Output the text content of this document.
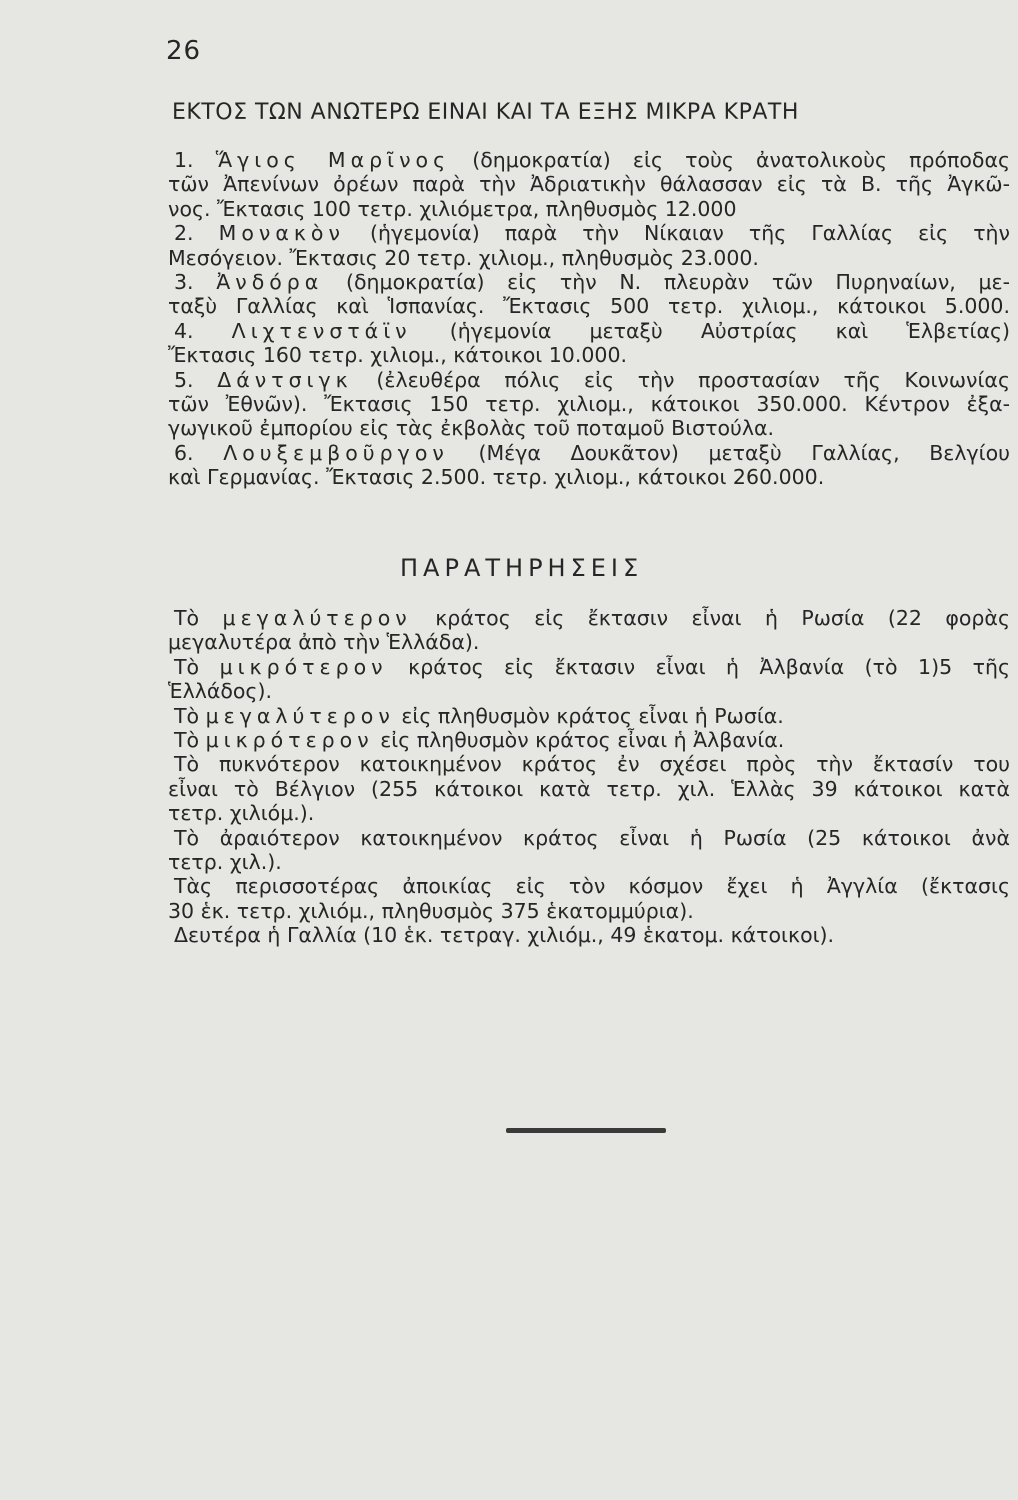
26
ΕΚΤΟΣ ΤΩΝ ΑΝΩΤΕΡΩ ΕΙΝΑΙ ΚΑΙ ΤΑ ΕΞΗΣ ΜΙΚΡΑ ΚΡΑΤΗ
1. Ἅγιος Μαρῖνος (δημοκρατία) εἰς τοὺς ἀνατολικοὺς πρόποδας
τῶν Ἀπενίνων ὀρέων παρὰ τὴν Ἀδριατικὴν θάλασσαν εἰς τὰ Β. τῆς Ἀγκῶ-
νος. Ἔκτασις 100 τετρ. χιλιόμετρα, πληθυσμὸς 12.000
2. Μονακὸν (ἡγεμονία) παρὰ τὴν Νίκαιαν τῆς Γαλλίας εἰς τὴν
Μεσόγειον. Ἔκτασις 20 τετρ. χιλιομ., πληθυσμὸς 23.000.
3. Ἀνδόρα (δημοκρατία) εἰς τὴν Ν. πλευρὰν τῶν Πυρηναίων, με-
ταξὺ Γαλλίας καὶ Ἱσπανίας. Ἔκτασις 500 τετρ. χιλιομ., κάτοικοι 5.000.
4. Λιχτενστάϊν (ἡγεμονία μεταξὺ Αὐστρίας καὶ Ἑλβετίας)
Ἔκτασις 160 τετρ. χιλιομ., κάτοικοι 10.000.
5. Δάντσιγκ (ἐλευθέρα πόλις εἰς τὴν προστασίαν τῆς Κοινωνίας
τῶν Ἐθνῶν). Ἔκτασις 150 τετρ. χιλιομ., κάτοικοι 350.000. Κέντρον ἐξα-
γωγικοῦ ἐμπορίου εἰς τὰς ἐκβολὰς τοῦ ποταμοῦ Βιστούλα.
6. Λουξεμβοῦργον (Μέγα Δουκᾶτον) μεταξὺ Γαλλίας, Βελγίου
καὶ Γερμανίας. Ἔκτασις 2.500. τετρ. χιλιομ., κάτοικοι 260.000.
ΠΑΡΑΤΗΡΗΣΕΙΣ
Τὸ μεγαλύτερον κράτος εἰς ἔκτασιν εἶναι ἡ Ρωσία (22 φορὰς
μεγαλυτέρα ἀπὸ τὴν Ἑλλάδα).
Τὸ μικρότερον κράτος εἰς ἔκτασιν εἶναι ἡ Ἀλβανία (τὸ 1)5 τῆς
Ἑλλάδος).
Τὸ μεγαλύτερον εἰς πληθυσμὸν κράτος εἶναι ἡ Ρωσία.
Τὸ μικρότερον εἰς πληθυσμὸν κράτος εἶναι ἡ Ἀλβανία.
Τὸ πυκνότερον κατοικημένον κράτος ἐν σχέσει πρὸς τὴν ἔκτασίν του
εἶναι τὸ Βέλγιον (255 κάτοικοι κατὰ τετρ. χιλ. Ἑλλὰς 39 κάτοικοι κατὰ
τετρ. χιλιόμ.).
Τὸ ἀραιότερον κατοικημένον κράτος εἶναι ἡ Ρωσία (25 κάτοικοι ἀνὰ
τετρ. χιλ.).
Τὰς περισσοτέρας ἀποικίας εἰς τὸν κόσμον ἔχει ἡ Ἀγγλία (ἔκτασις
30 ἑκ. τετρ. χιλιόμ., πληθυσμὸς 375 ἑκατομμύρια).
Δευτέρα ἡ Γαλλία (10 ἑκ. τετραγ. χιλιόμ., 49 ἑκατομ. κάτοικοι).
